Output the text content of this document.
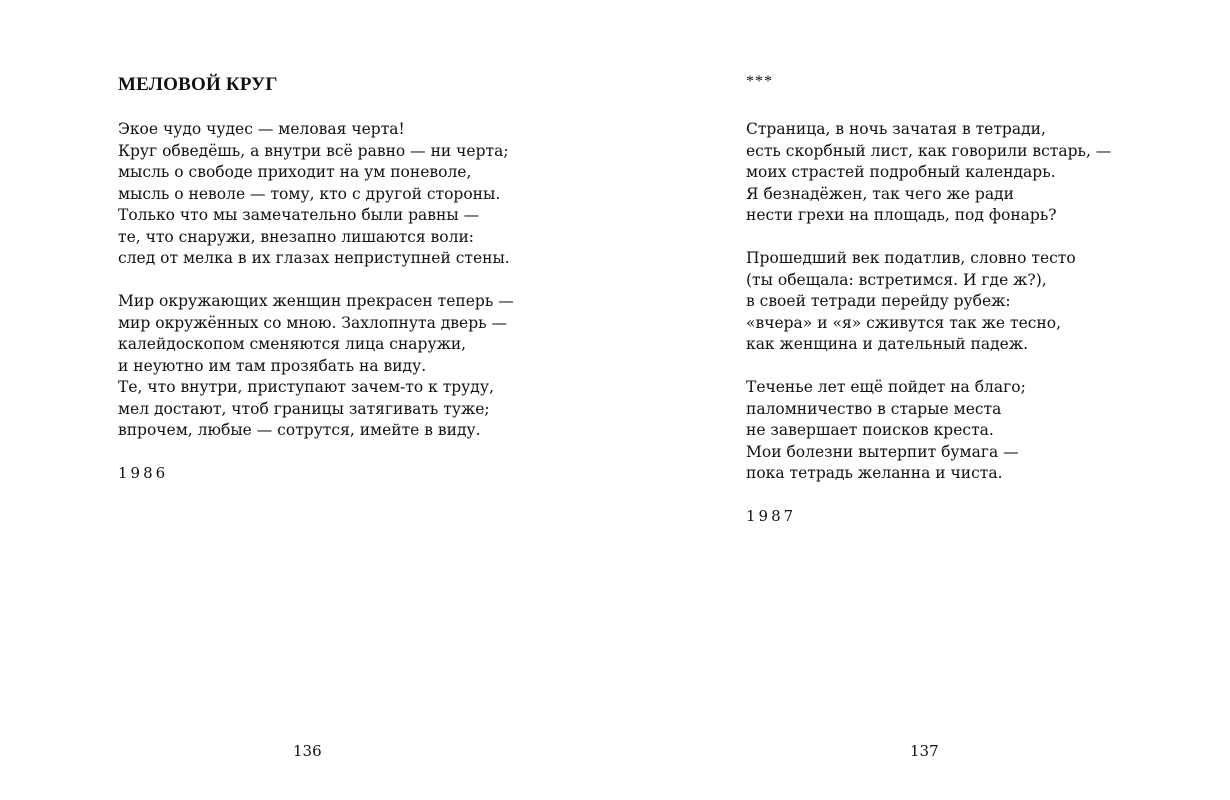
МЕЛОВОЙ КРУГ
Экое чудо чудес — меловая черта!
Круг обведёшь, а внутри всё равно — ни черта;
мысль о свободе приходит на ум поневоле,
мысль о неволе — тому, кто с другой стороны.
Только что мы замечательно были равны —
те, что снаружи, внезапно лишаются воли:
след от мелка в их глазах неприступней стены.
Мир окружающих женщин прекрасен теперь —
мир окружённых со мною. Захлопнута дверь —
калейдоскопом сменяются лица снаружи,
и неуютно им там прозябать на виду.
Те, что внутри, приступают зачем-то к труду,
мел достают, чтоб границы затягивать туже;
впрочем, любые — сотрутся, имейте в виду.
1986
136
***
Страница, в ночь зачатая в тетради,
есть скорбный лист, как говорили встарь, —
моих страстей подробный календарь.
Я безнадёжен, так чего же ради
нести грехи на площадь, под фонарь?
Прошедший век податлив, словно тесто
(ты обещала: встретимся. И где ж?),
в своей тетради перейду рубеж:
«вчера» и «я» сживутся так же тесно,
как женщина и дательный падеж.
Теченье лет ещё пойдет на благо;
паломничество в старые места
не завершает поисков креста.
Мои болезни вытерпит бумага —
пока тетрадь желанна и чиста.
1987
137
